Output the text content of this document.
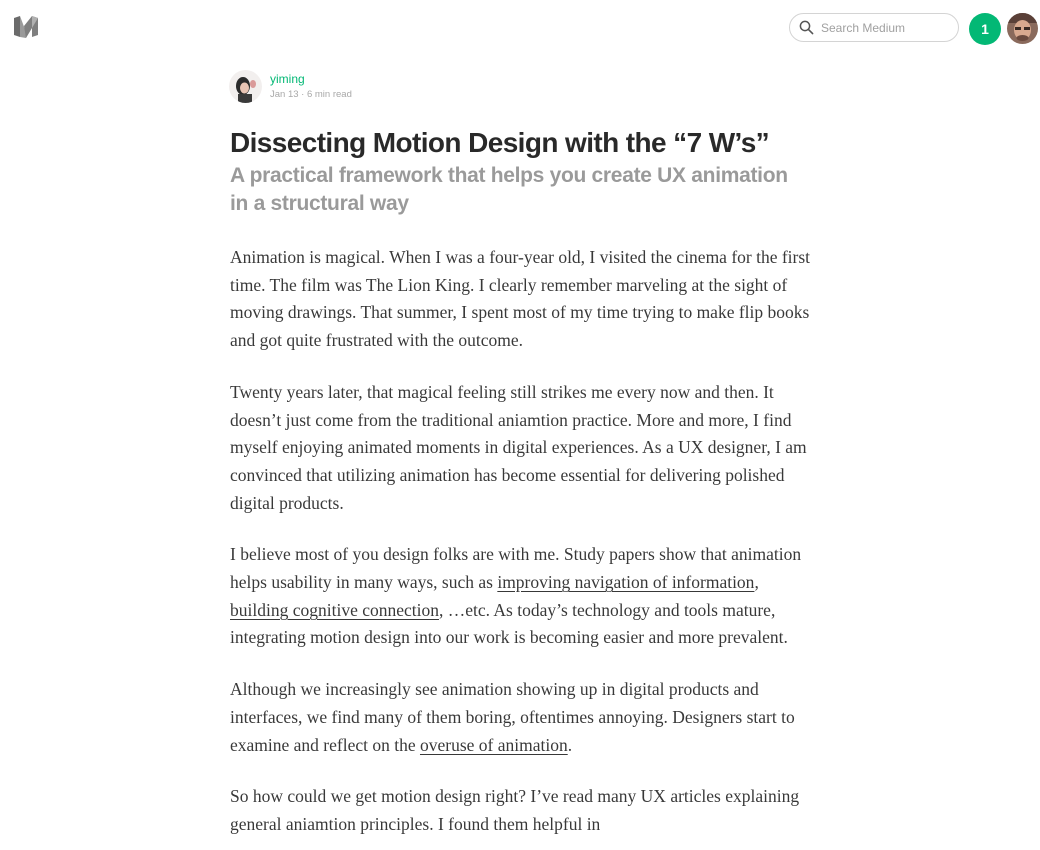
Search Medium
1
yiming
Jan 13 · 6 min read
Dissecting Motion Design with the “7 W’s”
A practical framework that helps you create UX animation in a structural way

Animation is magical. When I was a four-year old, I visited the cinema for the first time. The film was The Lion King. I clearly remember marveling at the sight of moving drawings. That summer, I spent most of my time trying to make flip books and got quite frustrated with the outcome.

Twenty years later, that magical feeling still strikes me every now and then. It doesn’t just come from the traditional aniamtion practice. More and more, I find myself enjoying animated moments in digital experiences. As a UX designer, I am convinced that utilizing animation has become essential for delivering polished digital products.

I believe most of you design folks are with me. Study papers show that animation helps usability in many ways, such as improving navigation of information, building cognitive connection, …etc. As today’s technology and tools mature, integrating motion design into our work is becoming easier and more prevalent.

Although we increasingly see animation showing up in digital products and interfaces, we find many of them boring, oftentimes annoying. Designers start to examine and reflect on the overuse of animation.

So how could we get motion design right? I’ve read many UX articles explaining general aniamtion principles. I found them helpful in
